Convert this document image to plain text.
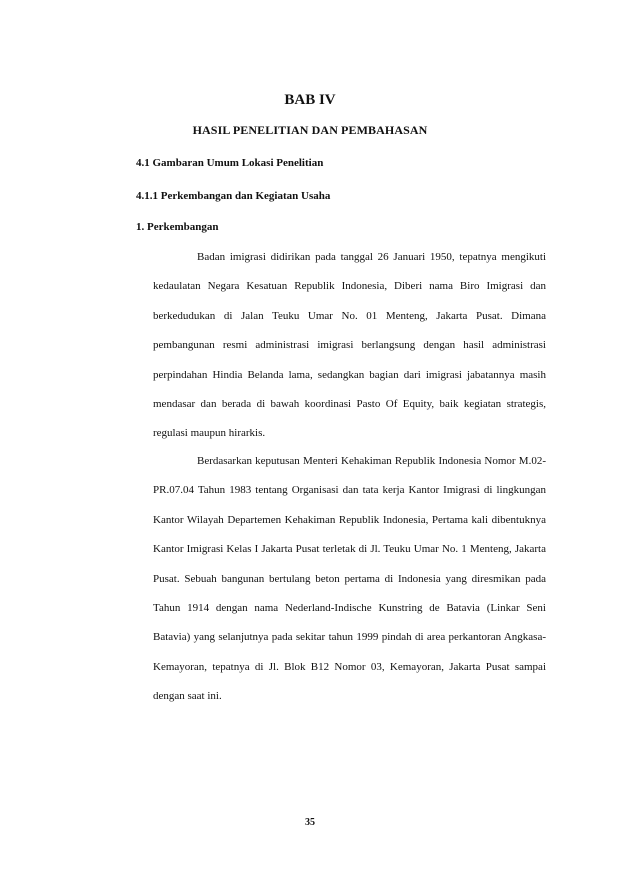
BAB IV
HASIL PENELITIAN DAN PEMBAHASAN
4.1 Gambaran Umum Lokasi Penelitian
4.1.1 Perkembangan dan Kegiatan Usaha
1. Perkembangan

Badan imigrasi didirikan pada tanggal 26 Januari 1950, tepatnya mengikuti kedaulatan Negara Kesatuan Republik Indonesia, Diberi nama Biro Imigrasi dan berkedudukan di Jalan Teuku Umar No. 01 Menteng, Jakarta Pusat. Dimana pembangunan resmi administrasi imigrasi berlangsung dengan hasil administrasi perpindahan Hindia Belanda lama, sedangkan bagian dari imigrasi jabatannya masih mendasar dan berada di bawah koordinasi Pasto Of Equity, baik kegiatan strategis, regulasi maupun hirarkis.

Berdasarkan keputusan Menteri Kehakiman Republik Indonesia Nomor M.02-PR.07.04 Tahun 1983 tentang Organisasi dan tata kerja Kantor Imigrasi di lingkungan Kantor Wilayah Departemen Kehakiman Republik Indonesia, Pertama kali dibentuknya Kantor Imigrasi Kelas I Jakarta Pusat terletak di Jl. Teuku Umar No. 1 Menteng, Jakarta Pusat. Sebuah bangunan bertulang beton pertama di Indonesia yang diresmikan pada Tahun 1914 dengan nama Nederland-Indische Kunstring de Batavia (Linkar Seni Batavia) yang selanjutnya pada sekitar tahun 1999 pindah di area perkantoran Angkasa-Kemayoran, tepatnya di Jl. Blok B12 Nomor 03, Kemayoran, Jakarta Pusat sampai dengan saat ini.

35
